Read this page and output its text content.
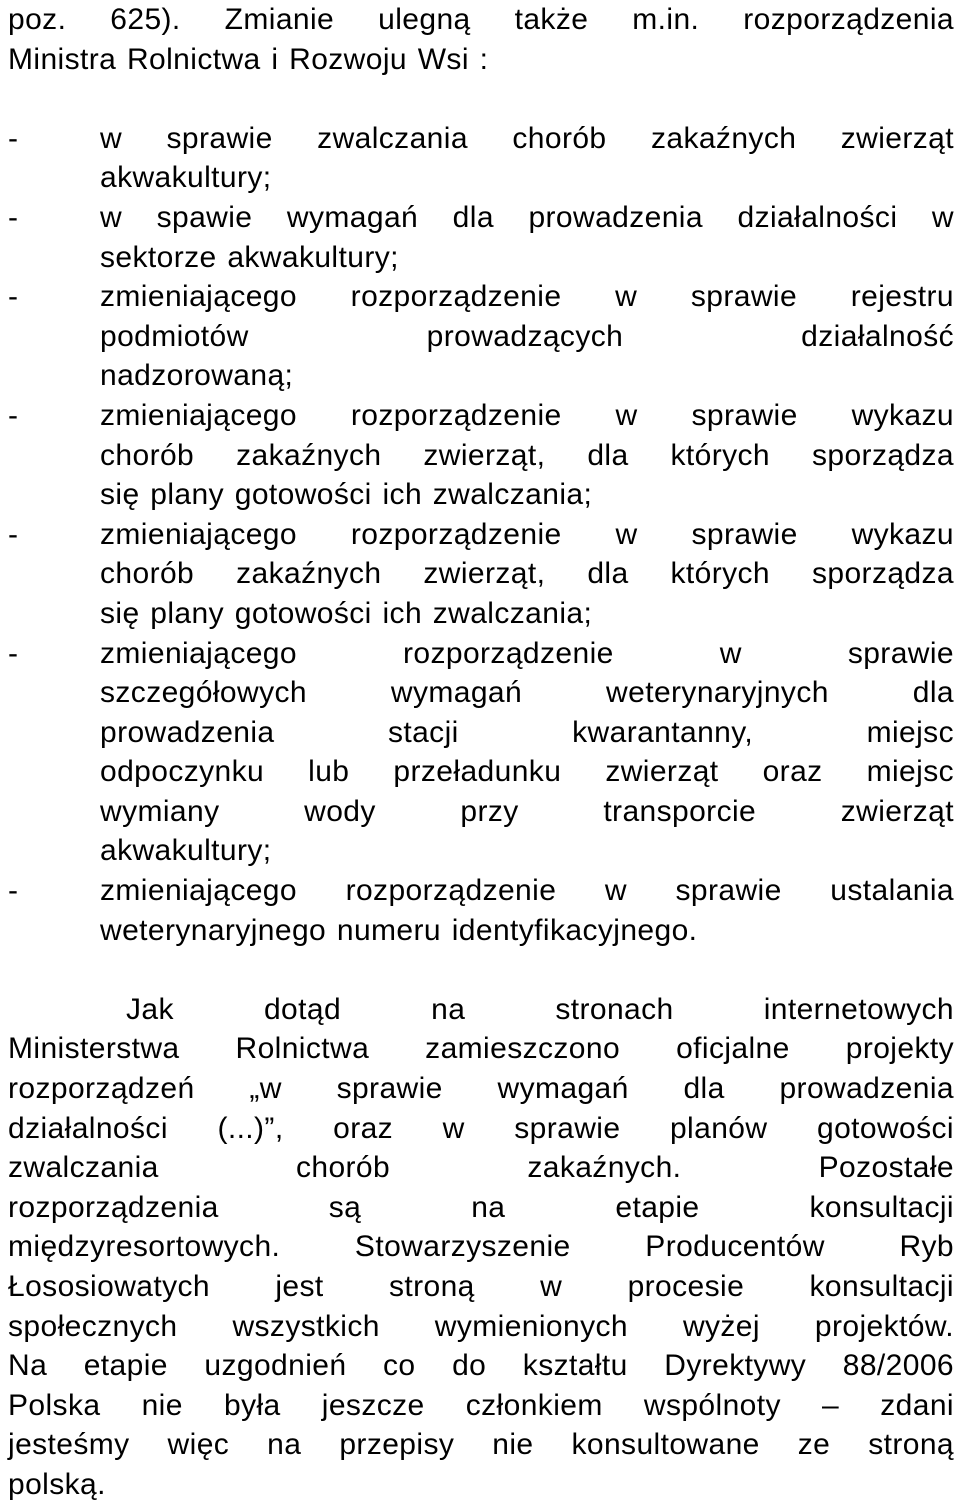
poz. 625). Zmianie ulegną także m.in. rozporządzenia
Ministra Rolnictwa i Rozwoju Wsi :
-	w sprawie zwalczania chorób zakaźnych zwierząt
akwakultury;
-	w spawie wymagań dla prowadzenia działalności w
sektorze akwakultury;
-	zmieniającego rozporządzenie w sprawie rejestru
podmiotów prowadzących działalność
nadzorowaną;
-	zmieniającego rozporządzenie w sprawie wykazu
chorób zakaźnych zwierząt, dla których sporządza
się plany gotowości ich zwalczania;
-	zmieniającego rozporządzenie w sprawie wykazu
chorób zakaźnych zwierząt, dla których sporządza
się plany gotowości ich zwalczania;
-	zmieniającego rozporządzenie w sprawie
szczegółowych wymagań weterynaryjnych dla
prowadzenia stacji kwarantanny, miejsc
odpoczynku lub przeładunku zwierząt oraz miejsc
wymiany wody przy transporcie zwierząt
akwakultury;
-	zmieniającego rozporządzenie w sprawie ustalania
weterynaryjnego numeru identyfikacyjnego.
Jak dotąd na stronach internetowych
Ministerstwa Rolnictwa zamieszczono oficjalne projekty
rozporządzeń „w sprawie wymagań dla prowadzenia
działalności (...)”, oraz w sprawie planów gotowości
zwalczania chorób zakaźnych. Pozostałe
rozporządzenia są na etapie konsultacji
międzyresortowych. Stowarzyszenie Producentów Ryb
Łososiowatych jest stroną w procesie konsultacji
społecznych wszystkich wymienionych wyżej projektów.
Na etapie uzgodnień co do kształtu Dyrektywy 88/2006
Polska nie była jeszcze członkiem wspólnoty – zdani
jesteśmy więc na przepisy nie konsultowane ze stroną
polską.
